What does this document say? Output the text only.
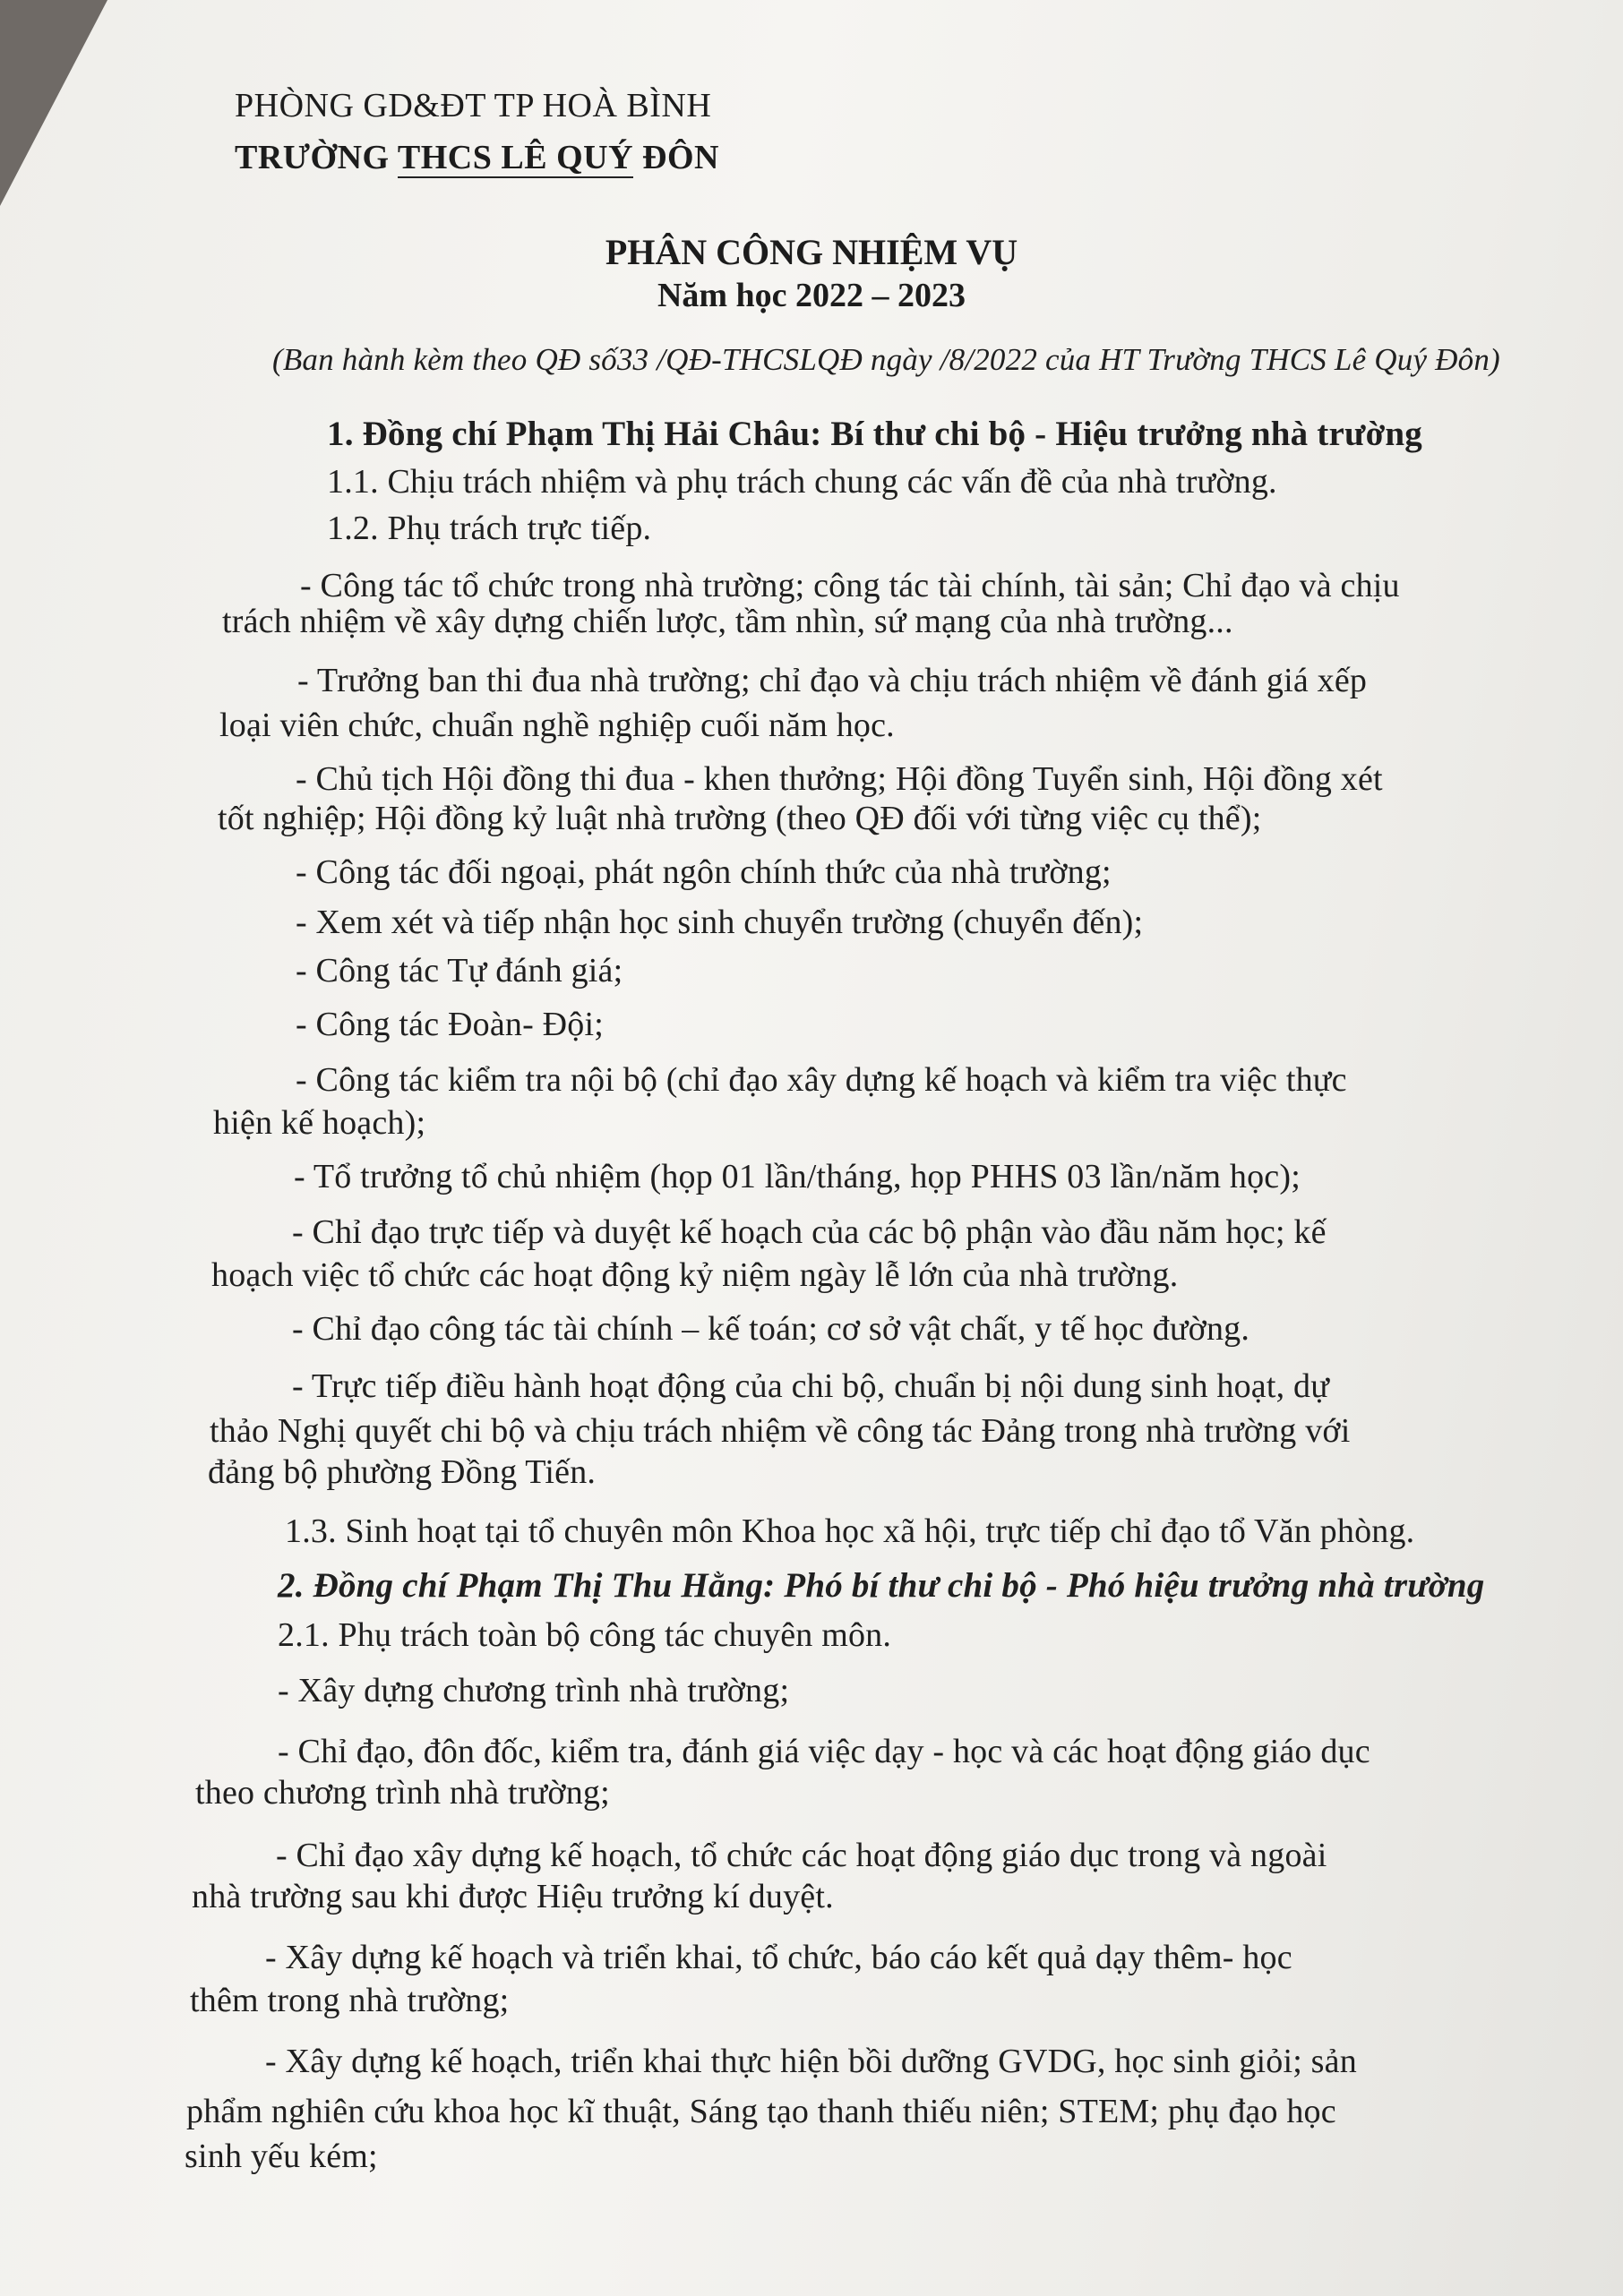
PHÒNG GD&ĐT TP HOÀ BÌNH
TRƯỜNG THCS LÊ QUÝ ĐÔN
PHÂN CÔNG NHIỆM VỤ
Năm học 2022 – 2023
(Ban hành kèm theo QĐ số33 /QĐ-THCSLQĐ ngày /8/2022 của HT Trường THCS Lê Quý Đôn)
1. Đồng chí Phạm Thị Hải Châu: Bí thư chi bộ - Hiệu trưởng nhà trường
1.1. Chịu trách nhiệm và phụ trách chung các vấn đề của nhà trường.
1.2. Phụ trách trực tiếp.
- Công tác tổ chức trong nhà trường; công tác tài chính, tài sản; Chỉ đạo và chịu
trách nhiệm về xây dựng chiến lược, tầm nhìn, sứ mạng của nhà trường...
- Trưởng ban thi đua nhà trường; chỉ đạo và chịu trách nhiệm về đánh giá xếp
loại viên chức, chuẩn nghề nghiệp cuối năm học.
- Chủ tịch Hội đồng thi đua - khen thưởng; Hội đồng Tuyển sinh, Hội đồng xét
tốt nghiệp; Hội đồng kỷ luật nhà trường (theo QĐ đối với từng việc cụ thể);
- Công tác đối ngoại, phát ngôn chính thức của nhà trường;
- Xem xét và tiếp nhận học sinh chuyển trường (chuyển đến);
- Công tác Tự đánh giá;
- Công tác Đoàn- Đội;
- Công tác kiểm tra nội bộ (chỉ đạo xây dựng kế hoạch và kiểm tra việc thực
hiện kế hoạch);
- Tổ trưởng tổ chủ nhiệm (họp 01 lần/tháng, họp PHHS 03 lần/năm học);
- Chỉ đạo trực tiếp và duyệt kế hoạch của các bộ phận vào đầu năm học; kế
hoạch việc tổ chức các hoạt động kỷ niệm ngày lễ lớn của nhà trường.
- Chỉ đạo công tác tài chính – kế toán; cơ sở vật chất, y tế học đường.
- Trực tiếp điều hành hoạt động của chi bộ, chuẩn bị nội dung sinh hoạt, dự
thảo Nghị quyết chi bộ và chịu trách nhiệm về công tác Đảng trong nhà trường với
đảng bộ phường Đồng Tiến.
1.3. Sinh hoạt tại tổ chuyên môn Khoa học xã hội, trực tiếp chỉ đạo tổ Văn phòng.
2. Đồng chí Phạm Thị Thu Hằng: Phó bí thư chi bộ - Phó hiệu trưởng nhà trường
2.1. Phụ trách toàn bộ công tác chuyên môn.
- Xây dựng chương trình nhà trường;
- Chỉ đạo, đôn đốc, kiểm tra, đánh giá việc dạy - học và các hoạt động giáo dục
theo chương trình nhà trường;
- Chỉ đạo xây dựng kế hoạch, tổ chức các hoạt động giáo dục trong và ngoài
nhà trường sau khi được Hiệu trưởng kí duyệt.
- Xây dựng kế hoạch và triển khai, tổ chức, báo cáo kết quả dạy thêm- học
thêm trong nhà trường;
- Xây dựng kế hoạch, triển khai thực hiện bồi dưỡng GVDG, học sinh giỏi; sản
phẩm nghiên cứu khoa học kĩ thuật, Sáng tạo thanh thiếu niên; STEM; phụ đạo học
sinh yếu kém;
